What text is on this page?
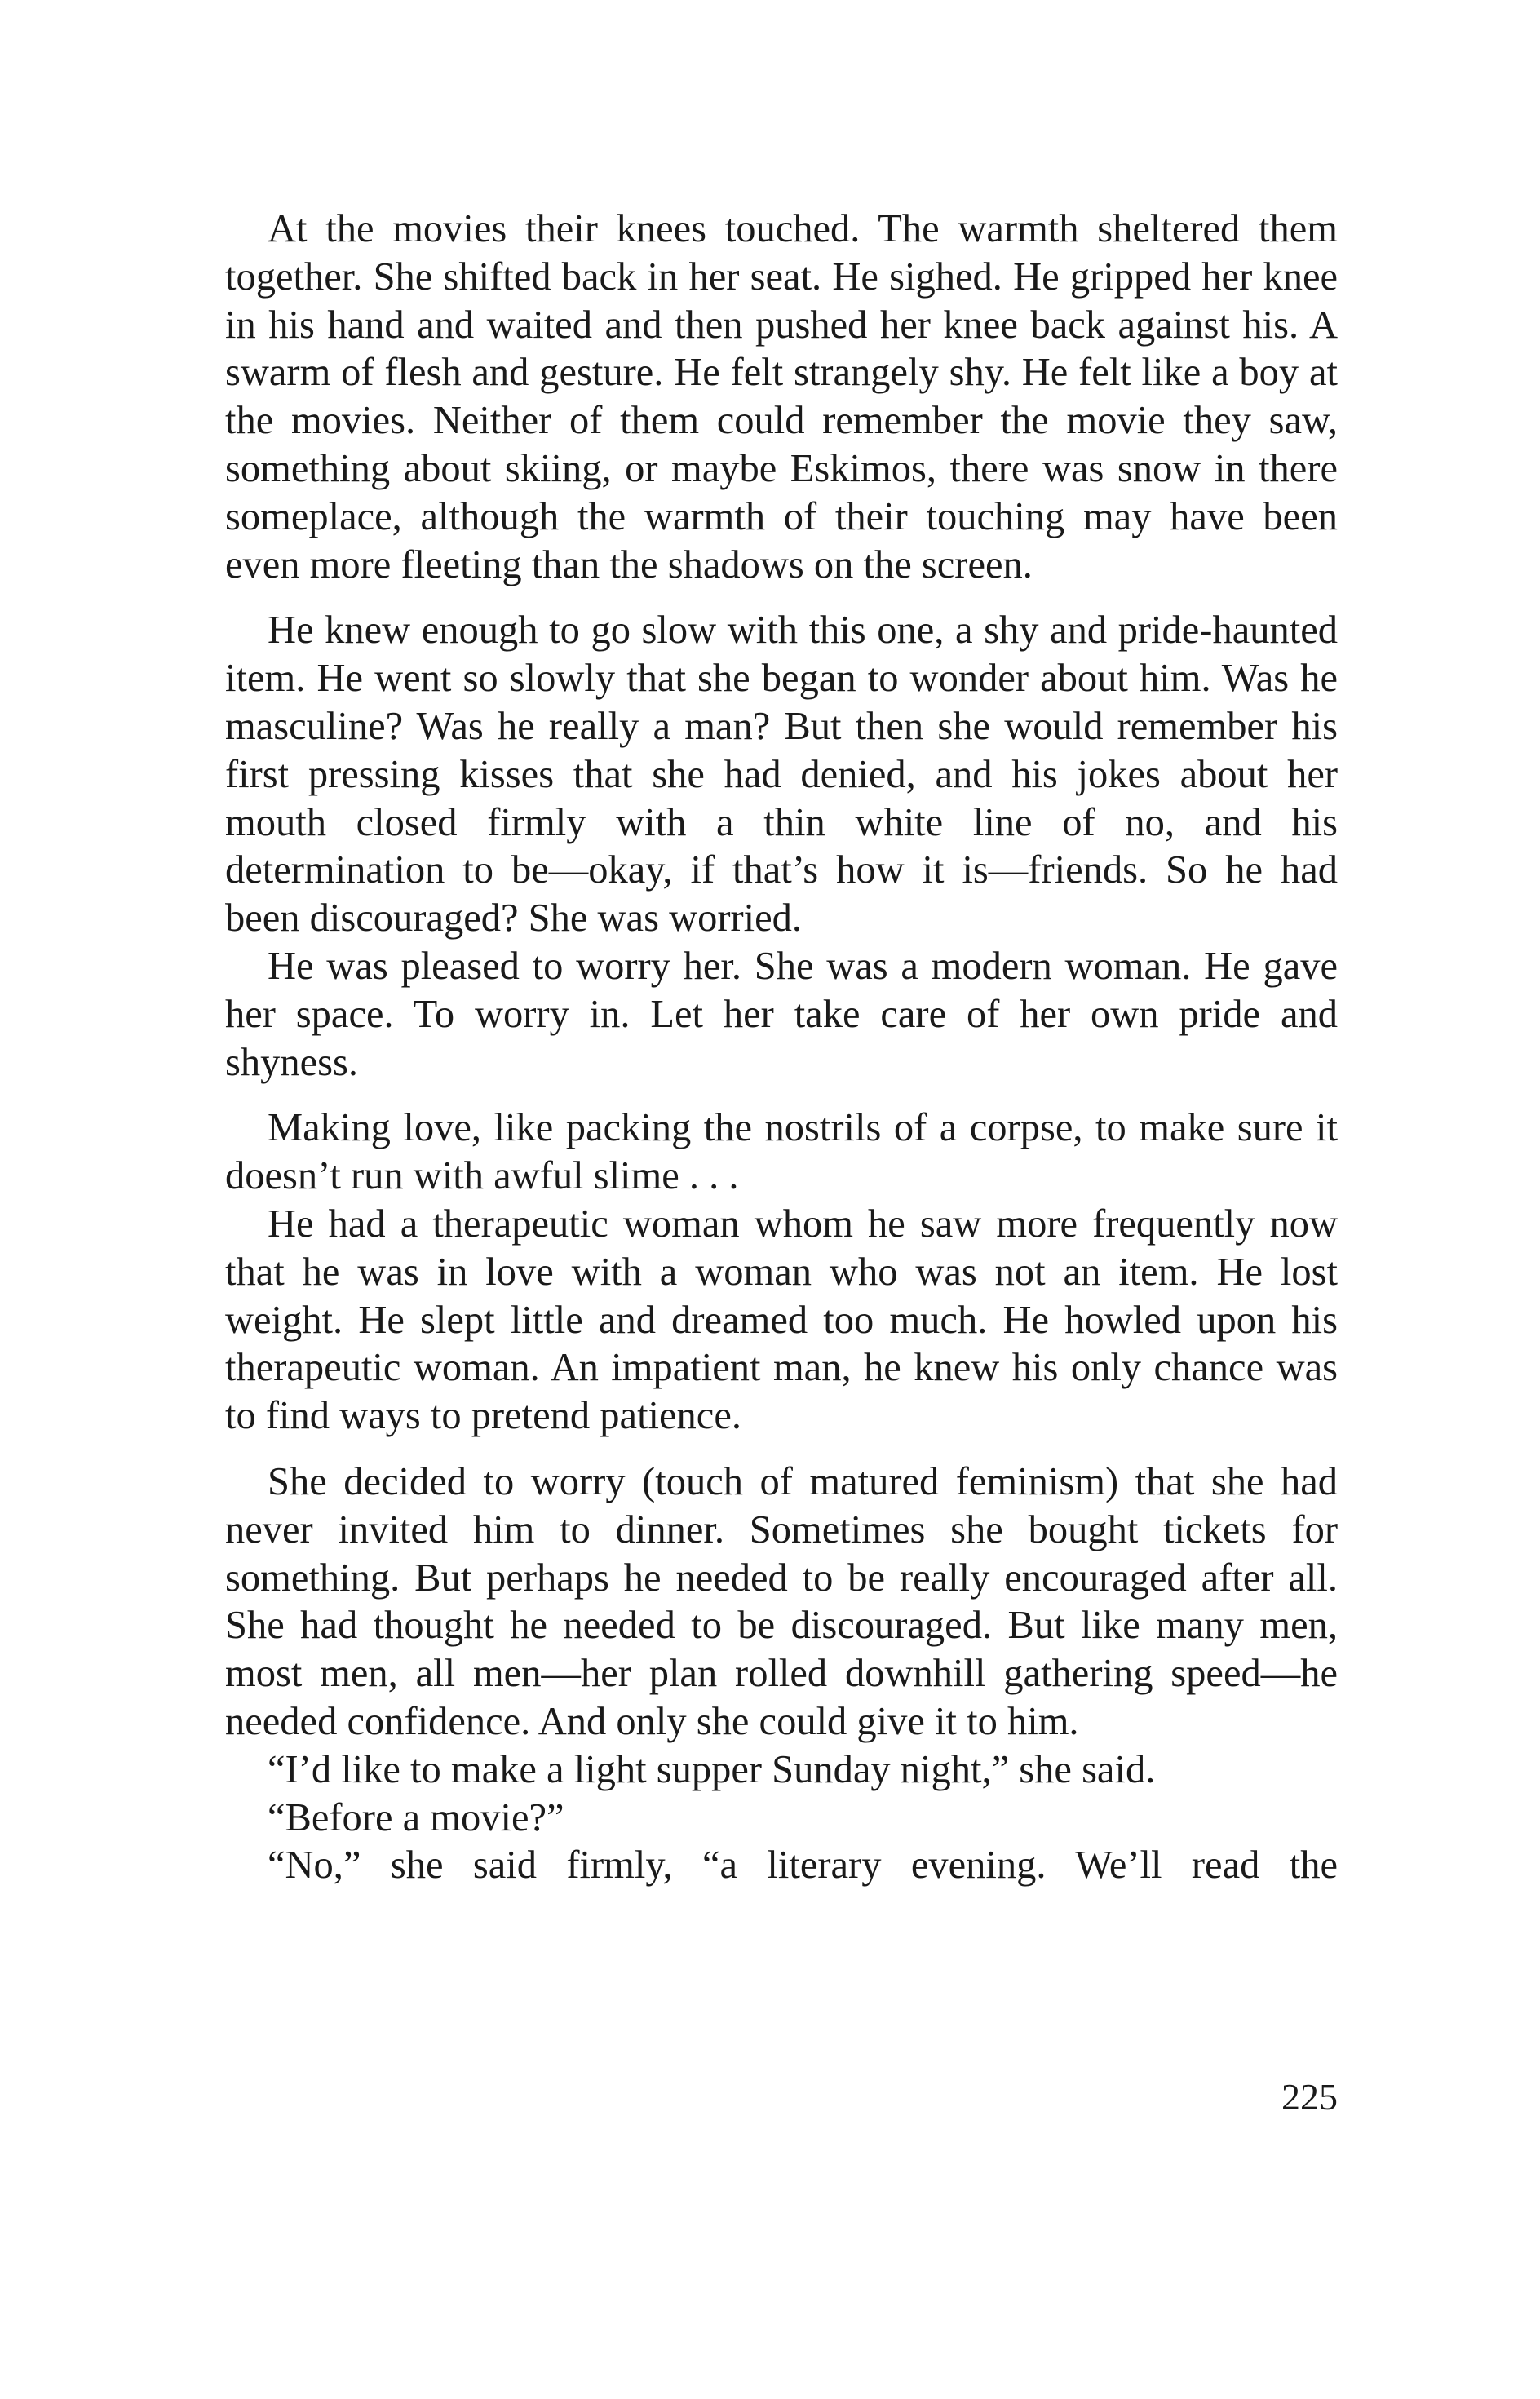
At the movies their knees touched. The warmth sheltered them together. She shifted back in her seat. He sighed. He gripped her knee in his hand and waited and then pushed her knee back against his. A swarm of flesh and gesture. He felt strangely shy. He felt like a boy at the movies. Neither of them could remember the movie they saw, something about skiing, or maybe Eskimos, there was snow in there someplace, although the warmth of their touching may have been even more fleeting than the shadows on the screen.

He knew enough to go slow with this one, a shy and pride-haunted item. He went so slowly that she began to wonder about him. Was he masculine? Was he really a man? But then she would remember his first pressing kisses that she had denied, and his jokes about her mouth closed firmly with a thin white line of no, and his determination to be—okay, if that’s how it is—friends. So he had been discouraged? She was worried.

He was pleased to worry her. She was a modern woman. He gave her space. To worry in. Let her take care of her own pride and shyness.

Making love, like packing the nostrils of a corpse, to make sure it doesn’t run with awful slime . . .

He had a therapeutic woman whom he saw more frequently now that he was in love with a woman who was not an item. He lost weight. He slept little and dreamed too much. He howled upon his therapeutic woman. An impatient man, he knew his only chance was to find ways to pretend patience.

She decided to worry (touch of matured feminism) that she had never invited him to dinner. Sometimes she bought tickets for something. But perhaps he needed to be really encouraged after all. She had thought he needed to be discouraged. But like many men, most men, all men—her plan rolled downhill gathering speed—he needed confidence. And only she could give it to him.

“I’d like to make a light supper Sunday night,” she said.

“Before a movie?”

“No,” she said firmly, “a literary evening. We’ll read the

225
